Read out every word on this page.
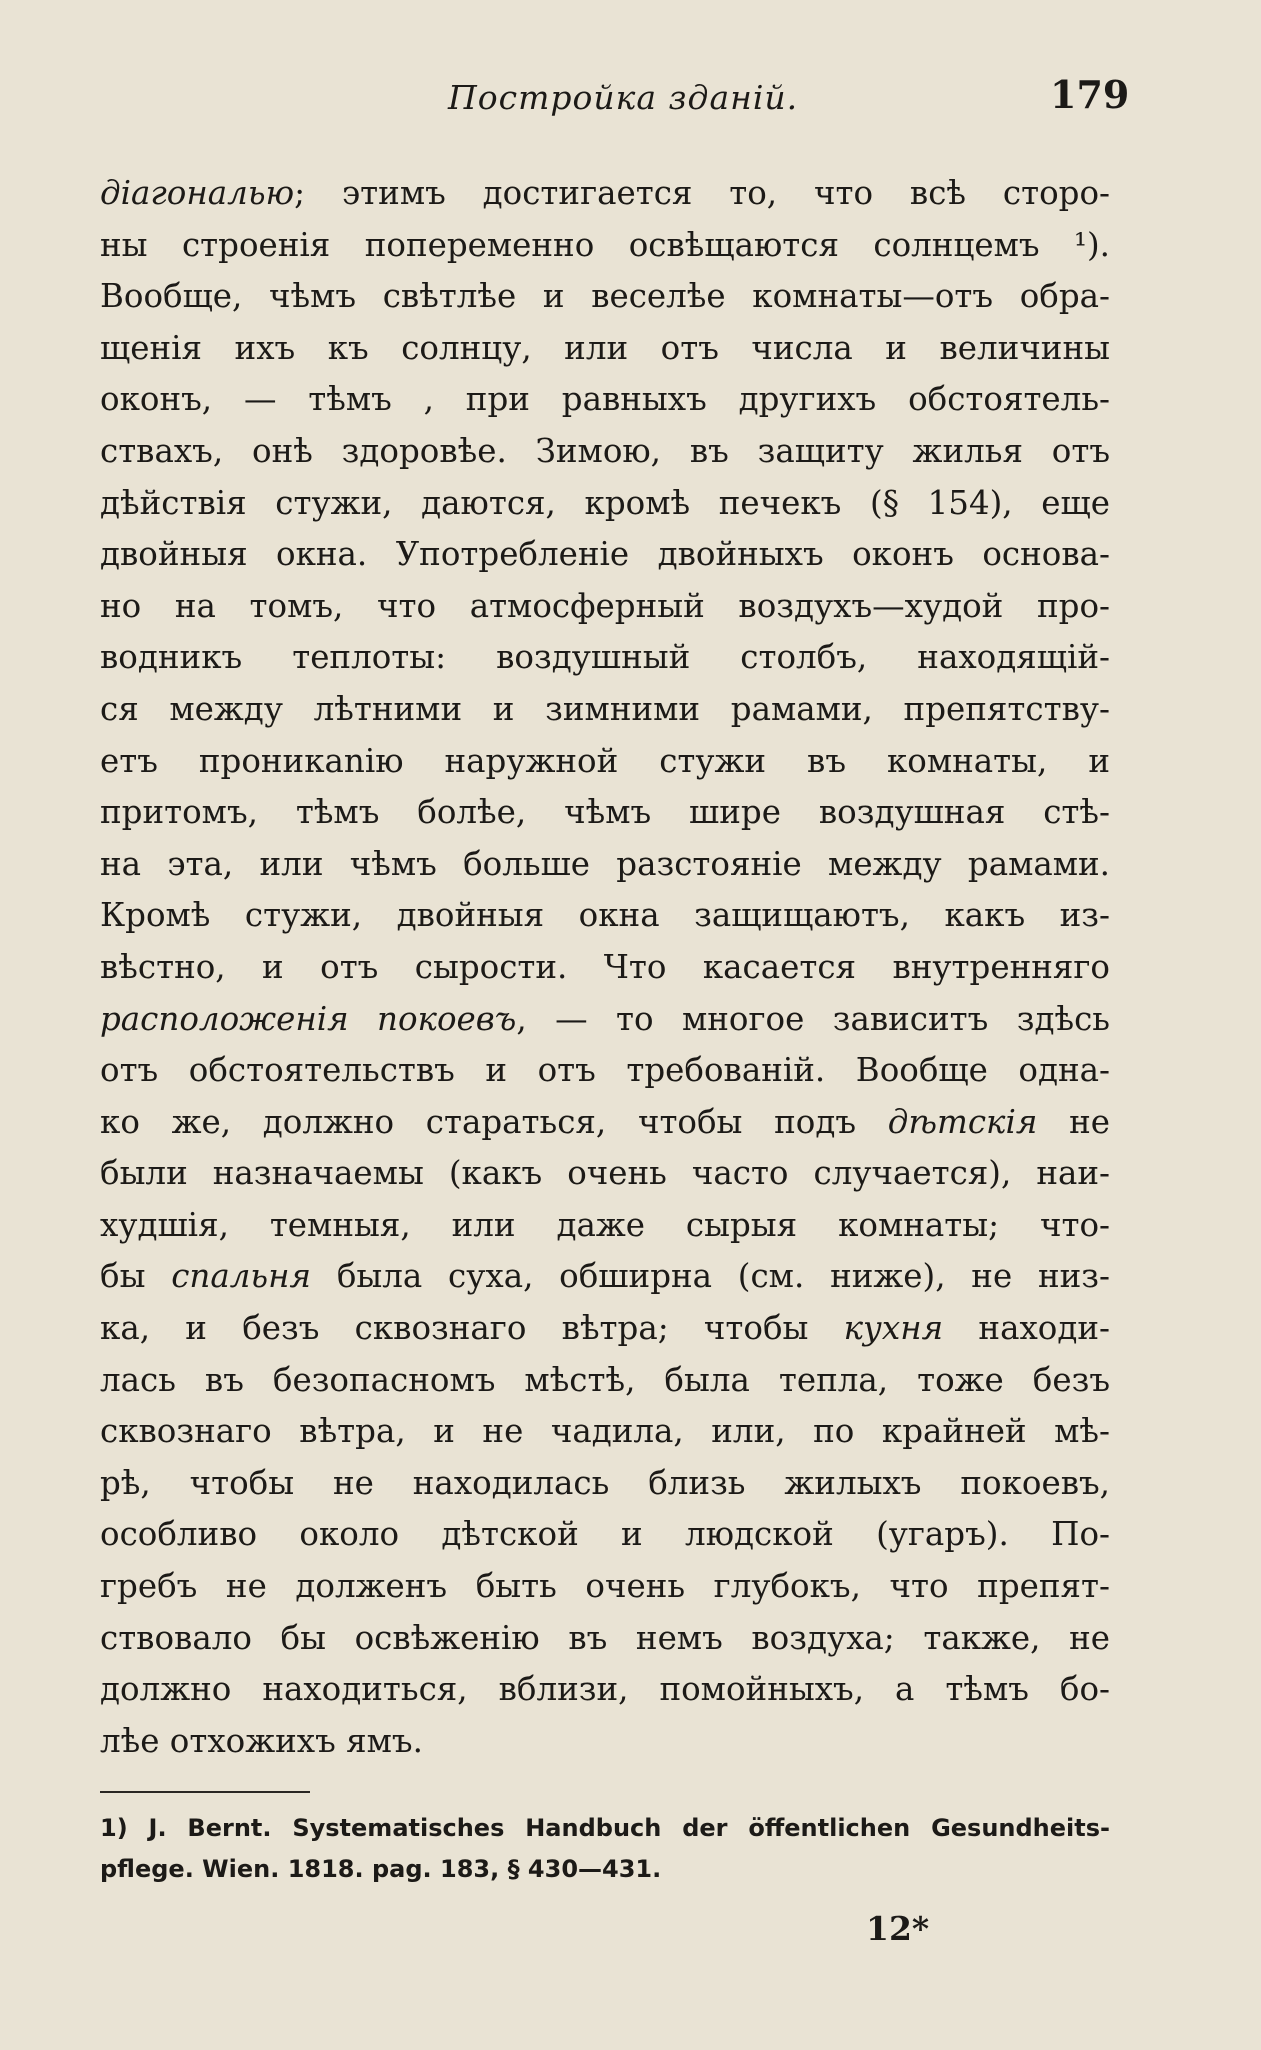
Постройка зданій.	179
діагональю; этимъ достигается то, что всѣ сторо-
ны строенія попеременно освѣщаются солнцемъ ¹).
Вообще, чѣмъ свѣтлѣе и веселѣе комнаты—отъ обра-
щенія ихъ къ солнцу, или отъ числа и величины
оконъ, — тѣмъ , при равныхъ другихъ обстоятель-
ствахъ, онѣ здоровѣе. Зимою, въ защиту жилья отъ
дѣйствія стужи, даются, кромѣ печекъ (§ 154), еще
двойныя окна. Употребленіе двойныхъ оконъ основа-
но на томъ, что атмосферный воздухъ—худой про-
водникъ теплоты: воздушный столбъ, находящій-
ся между лѣтними и зимними рамами, препятству-
етъ проникаnію наружной стужи въ комнаты, и
притомъ, тѣмъ болѣе, чѣмъ шире воздушная стѣ-
на эта, или чѣмъ больше разстояніе между рамами.
Кромѣ стужи, двойныя окна защищаютъ, какъ из-
вѣстно, и отъ сырости. Что касается внутренняго
расположенія покоевъ, — то многое зависитъ здѣсь
отъ обстоятельствъ и отъ требованій. Вообще одна-
ко же, должно стараться, чтобы подъ дѣтскія не
были назначаемы (какъ очень часто случается), наи-
худшія, темныя, или даже сырыя комнаты; что-
бы спальня была суха, обширна (см. ниже), не низ-
ка, и безъ сквознаго вѣтра; чтобы кухня находи-
лась въ безопасномъ мѣстѣ, была тепла, тоже безъ
сквознаго вѣтра, и не чадила, или, по крайней мѣ-
рѣ, чтобы не находилась близь жилыхъ покоевъ,
особливо около дѣтской и людской (угаръ). По-
гребъ не долженъ быть очень глубокъ, что препят-
ствовало бы освѣженію въ немъ воздуха; также, не
должно находиться, вблизи, помойныхъ, а тѣмъ бо-
лѣе отхожихъ ямъ.
1) J. Bernt. Systematisches Handbuch der öffentlichen Gesundheits-
pflege. Wien. 1818. pag. 183, § 430—431.
12*
